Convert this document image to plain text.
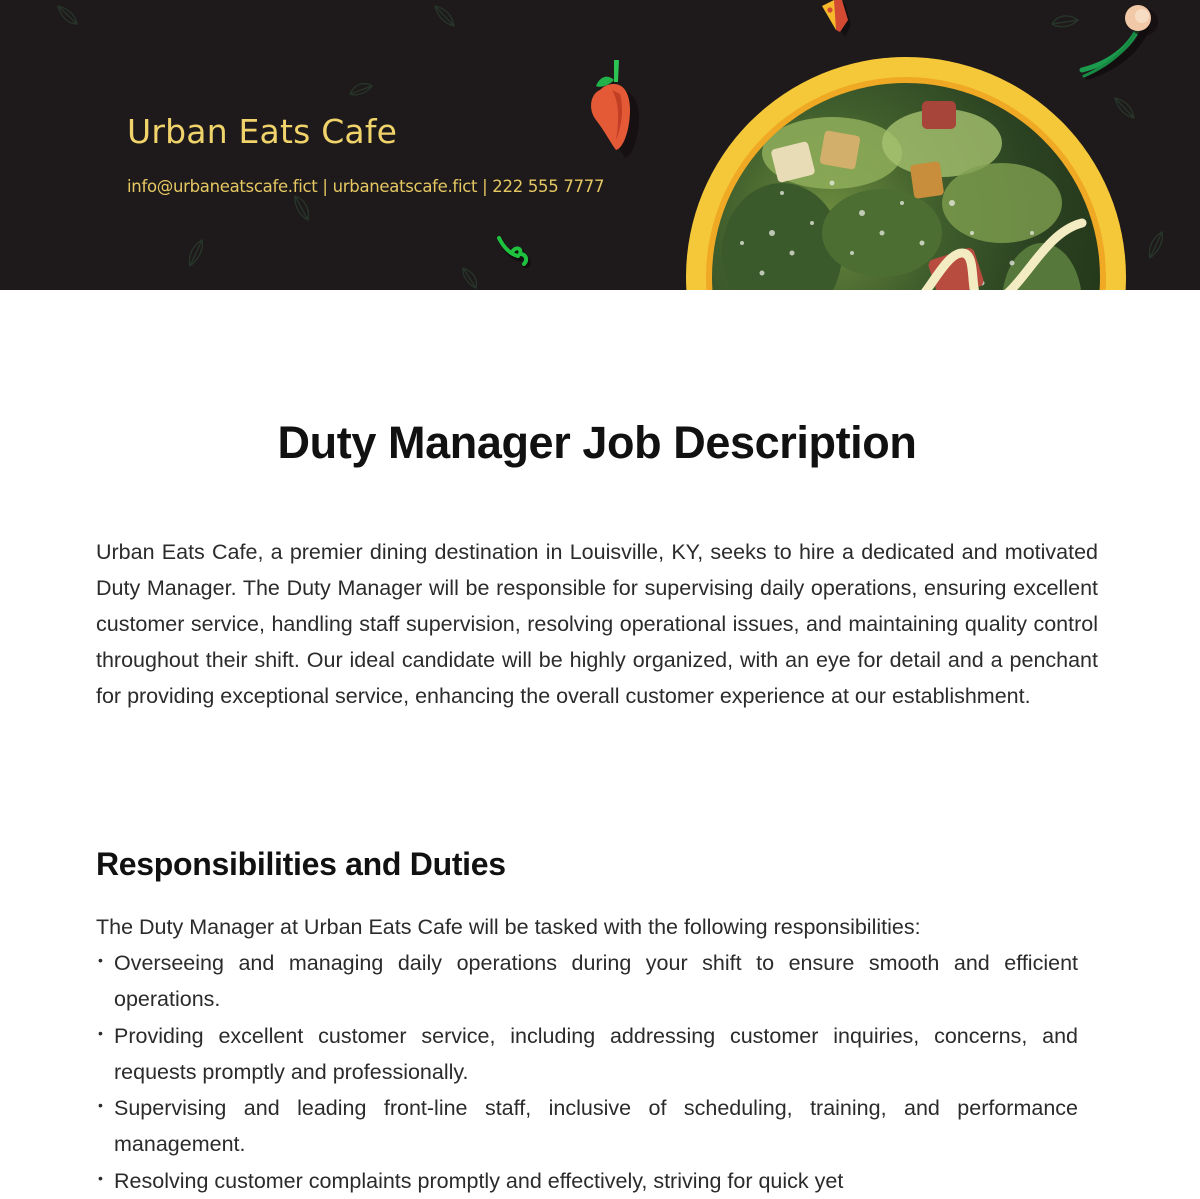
Urban Eats Cafe
info@urbaneatscafe.fict | urbaneatscafe.fict | 222 555 7777
Duty Manager Job Description

Urban Eats Cafe, a premier dining destination in Louisville, KY, seeks to hire a dedicated and motivated Duty Manager. The Duty Manager will be responsible for supervising daily operations, ensuring excellent customer service, handling staff supervision, resolving operational issues, and maintaining quality control throughout their shift. Our ideal candidate will be highly organized, with an eye for detail and a penchant for providing exceptional service, enhancing the overall customer experience at our establishment.

Responsibilities and Duties

The Duty Manager at Urban Eats Cafe will be tasked with the following responsibilities:

• Overseeing and managing daily operations during your shift to ensure smooth and efficient operations.
• Providing excellent customer service, including addressing customer inquiries, concerns, and requests promptly and professionally.
• Supervising and leading front-line staff, inclusive of scheduling, training, and performance management.
• Resolving customer complaints promptly and effectively, striving for quick yet
